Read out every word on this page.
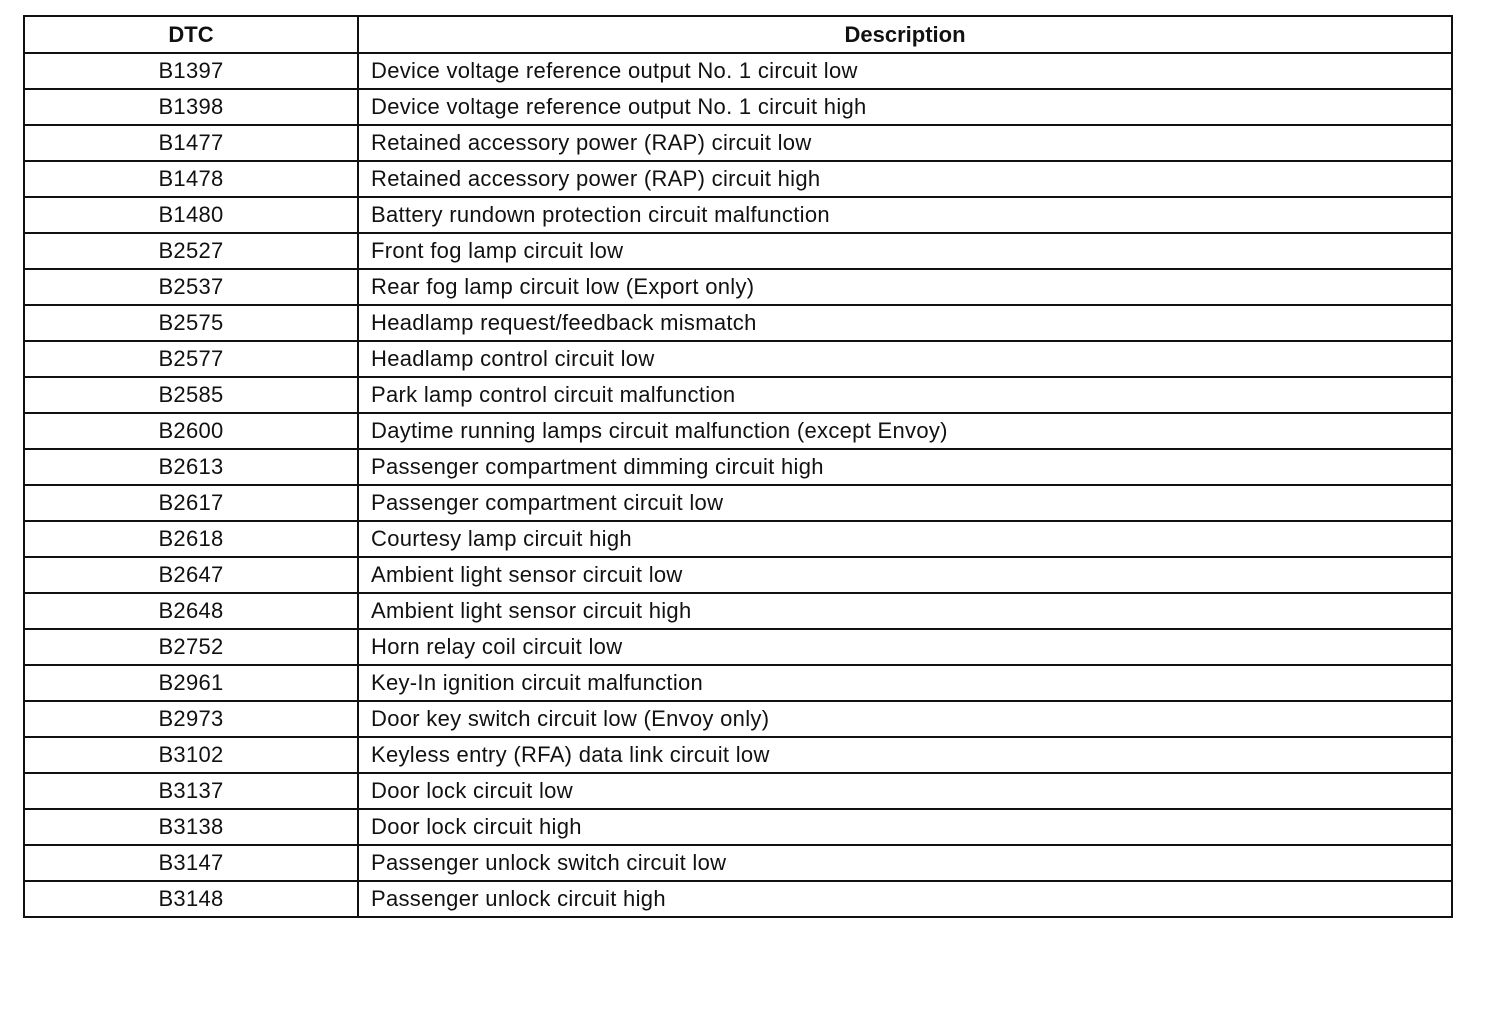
DTC	Description
B1397	Device voltage reference output No. 1 circuit low
B1398	Device voltage reference output No. 1 circuit high
B1477	Retained accessory power (RAP) circuit low
B1478	Retained accessory power (RAP) circuit high
B1480	Battery rundown protection circuit malfunction
B2527	Front fog lamp circuit low
B2537	Rear fog lamp circuit low (Export only)
B2575	Headlamp request/feedback mismatch
B2577	Headlamp control circuit low
B2585	Park lamp control circuit malfunction
B2600	Daytime running lamps circuit malfunction (except Envoy)
B2613	Passenger compartment dimming circuit high
B2617	Passenger compartment circuit low
B2618	Courtesy lamp circuit high
B2647	Ambient light sensor circuit low
B2648	Ambient light sensor circuit high
B2752	Horn relay coil circuit low
B2961	Key-In ignition circuit malfunction
B2973	Door key switch circuit low (Envoy only)
B3102	Keyless entry (RFA) data link circuit low
B3137	Door lock circuit low
B3138	Door lock circuit high
B3147	Passenger unlock switch circuit low
B3148	Passenger unlock circuit high
